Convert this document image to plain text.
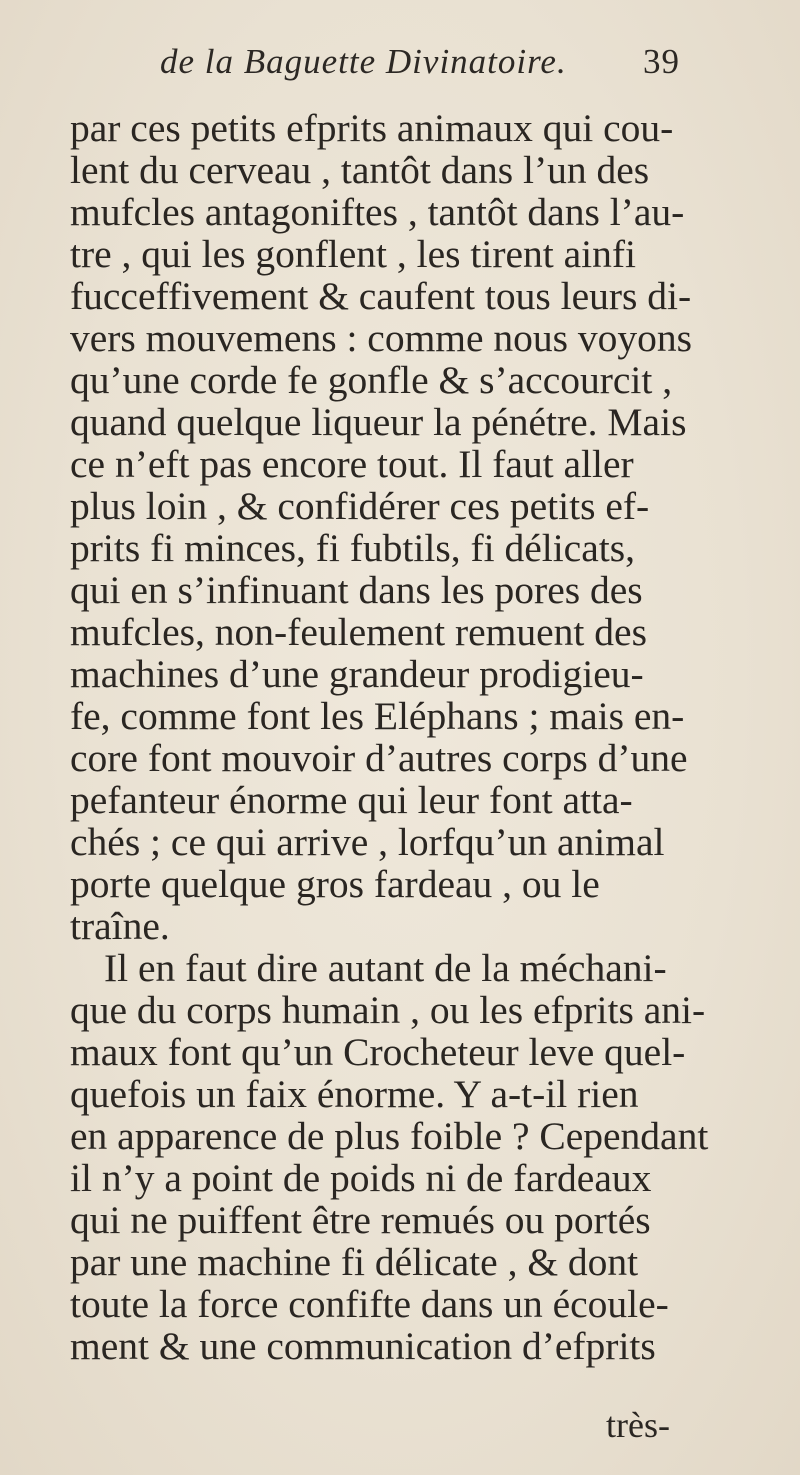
de la Baguette Divinatoire. 39
par ces petits efprits animaux qui cou-
lent du cerveau , tantôt dans l’un des
mufcles antagoniftes , tantôt dans l’au-
tre , qui les gonflent , les tirent ainfi
fucceffivement & caufent tous leurs di-
vers mouvemens : comme nous voyons
qu’une corde fe gonfle & s’accourcit ,
quand quelque liqueur la pénétre. Mais
ce n’eft pas encore tout. Il faut aller
plus loin , & confidérer ces petits ef-
prits fi minces, fi fubtils, fi délicats,
qui en s’infinuant dans les pores des
mufcles, non-feulement remuent des
machines d’une grandeur prodigieu-
fe, comme font les Eléphans ; mais en-
core font mouvoir d’autres corps d’une
pefanteur énorme qui leur font atta-
chés ; ce qui arrive , lorfqu’un animal
porte quelque gros fardeau , ou le
traîne.
Il en faut dire autant de la méchani-
que du corps humain , ou les efprits ani-
maux font qu’un Crocheteur leve quel-
quefois un faix énorme. Y a-t-il rien
en apparence de plus foible ? Cependant
il n’y a point de poids ni de fardeaux
qui ne puiffent être remués ou portés
par une machine fi délicate , & dont
toute la force confifte dans un écoule-
ment & une communication d’efprits
très-
